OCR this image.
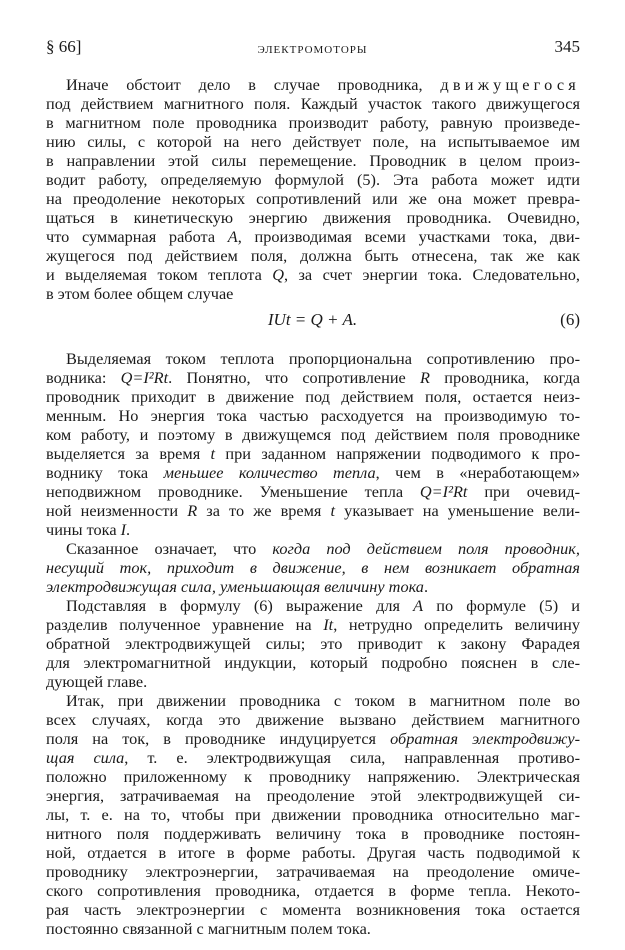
§ 66]	ЭЛЕКТРОМОТОРЫ	345
Иначе обстоит дело в случае проводника, движущегося
под действием магнитного поля. Каждый участок такого движущегося
в магнитном поле проводника производит работу, равную произведе-
нию силы, с которой на него действует поле, на испытываемое им
в направлении этой силы перемещение. Проводник в целом произ-
водит работу, определяемую формулой (5). Эта работа может идти
на преодоление некоторых сопротивлений или же она может превра-
щаться в кинетическую энергию движения проводника. Очевидно,
что суммарная работа A, производимая всеми участками тока, дви-
жущегося под действием поля, должна быть отнесена, так же как
и выделяемая током теплота Q, за счет энергии тока. Следовательно,
в этом более общем случае
Выделяемая током теплота пропорциональна сопротивлению про-
водника: Q=I²Rt. Понятно, что сопротивление R проводника, когда
проводник приходит в движение под действием поля, остается неиз-
менным. Но энергия тока частью расходуется на производимую то-
ком работу, и поэтому в движущемся под действием поля проводнике
выделяется за время t при заданном напряжении подводимого к про-
воднику тока меньшее количество тепла, чем в «неработающем»
неподвижном проводнике. Уменьшение тепла Q=I²Rt при очевид-
ной неизменности R за то же время t указывает на уменьшение вели-
чины тока I.
Сказанное означает, что когда под действием поля проводник,
несущий ток, приходит в движение, в нем возникает обратная
электродвижущая сила, уменьшающая величину тока.
Подставляя в формулу (6) выражение для A по формуле (5) и
разделив полученное уравнение на It, нетрудно определить величину
обратной электродвижущей силы; это приводит к закону Фарадея
для электромагнитной индукции, который подробно пояснен в сле-
дующей главе.
Итак, при движении проводника с током в магнитном поле во
всех случаях, когда это движение вызвано действием магнитного
поля на ток, в проводнике индуцируется обратная электродвижу-
щая сила, т. е. электродвижущая сила, направленная противо-
положно приложенному к проводнику напряжению. Электрическая
энергия, затрачиваемая на преодоление этой электродвижущей си-
лы, т. е. на то, чтобы при движении проводника относительно маг-
нитного поля поддерживать величину тока в проводнике постоян-
ной, отдается в итоге в форме работы. Другая часть подводимой к
проводнику электроэнергии, затрачиваемая на преодоление омиче-
ского сопротивления проводника, отдается в форме тепла. Некото-
рая часть электроэнергии с момента возникновения тока остается
постоянно связанной с магнитным полем тока.
IUt = Q + A.	(6)
